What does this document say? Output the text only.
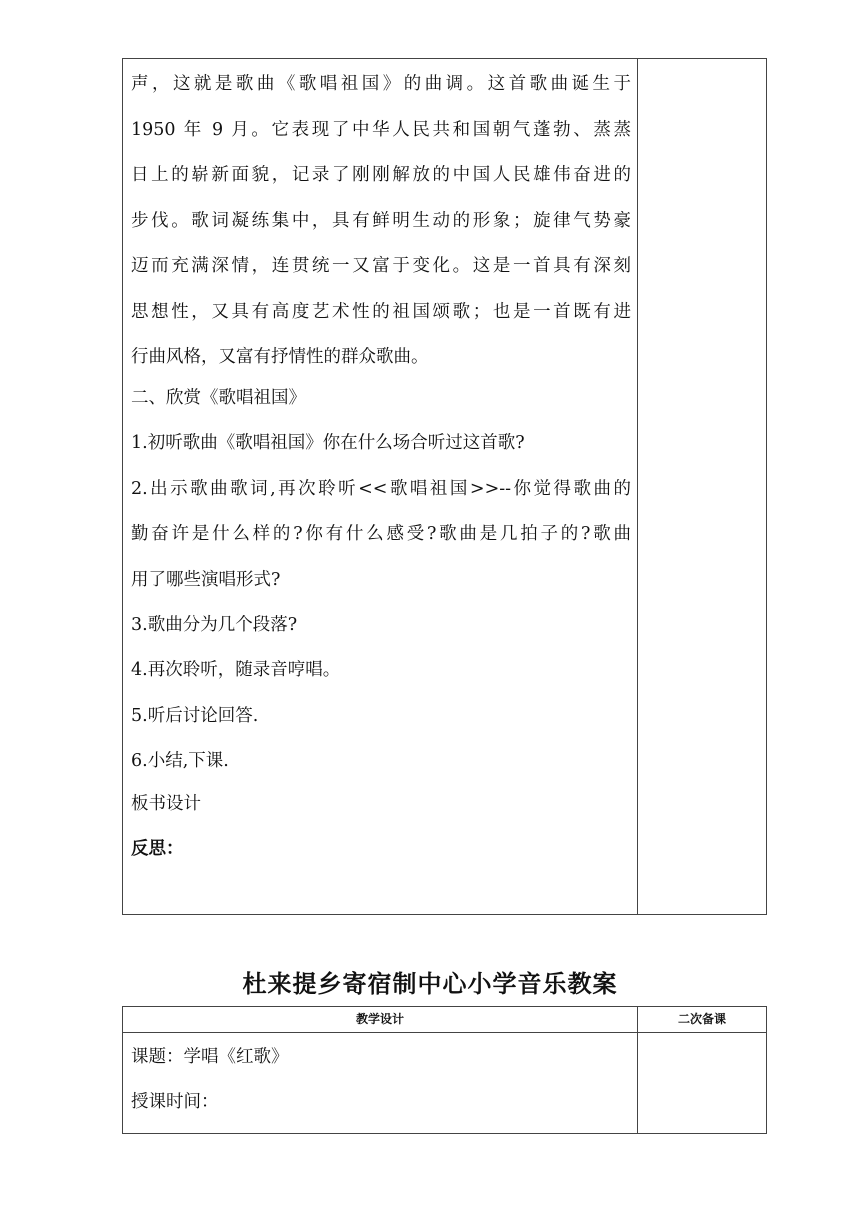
声，这就是歌曲《歌唱祖国》的曲调。这首歌曲诞生于
1950 年 9 月。它表现了中华人民共和国朝气蓬勃、蒸蒸
日上的崭新面貌，记录了刚刚解放的中国人民雄伟奋进的
步伐。歌词凝练集中，具有鲜明生动的形象；旋律气势豪
迈而充满深情，连贯统一又富于变化。这是一首具有深刻
思想性，又具有高度艺术性的祖国颂歌；也是一首既有进
行曲风格，又富有抒情性的群众歌曲。
二、欣赏《歌唱祖国》
1.初听歌曲《歌唱祖国》你在什么场合听过这首歌?
2.出示歌曲歌词,再次聆听<<歌唱祖国>>--你觉得歌曲的
勤奋许是什么样的?你有什么感受?歌曲是几拍子的?歌曲
用了哪些演唱形式?
3.歌曲分为几个段落?
4.再次聆听，随录音哼唱。
5.听后讨论回答.
6.小结,下课.
板书设计
反思：
杜来提乡寄宿制中心小学音乐教案
教学设计	二次备课
课题：学唱《红歌》
授课时间：
